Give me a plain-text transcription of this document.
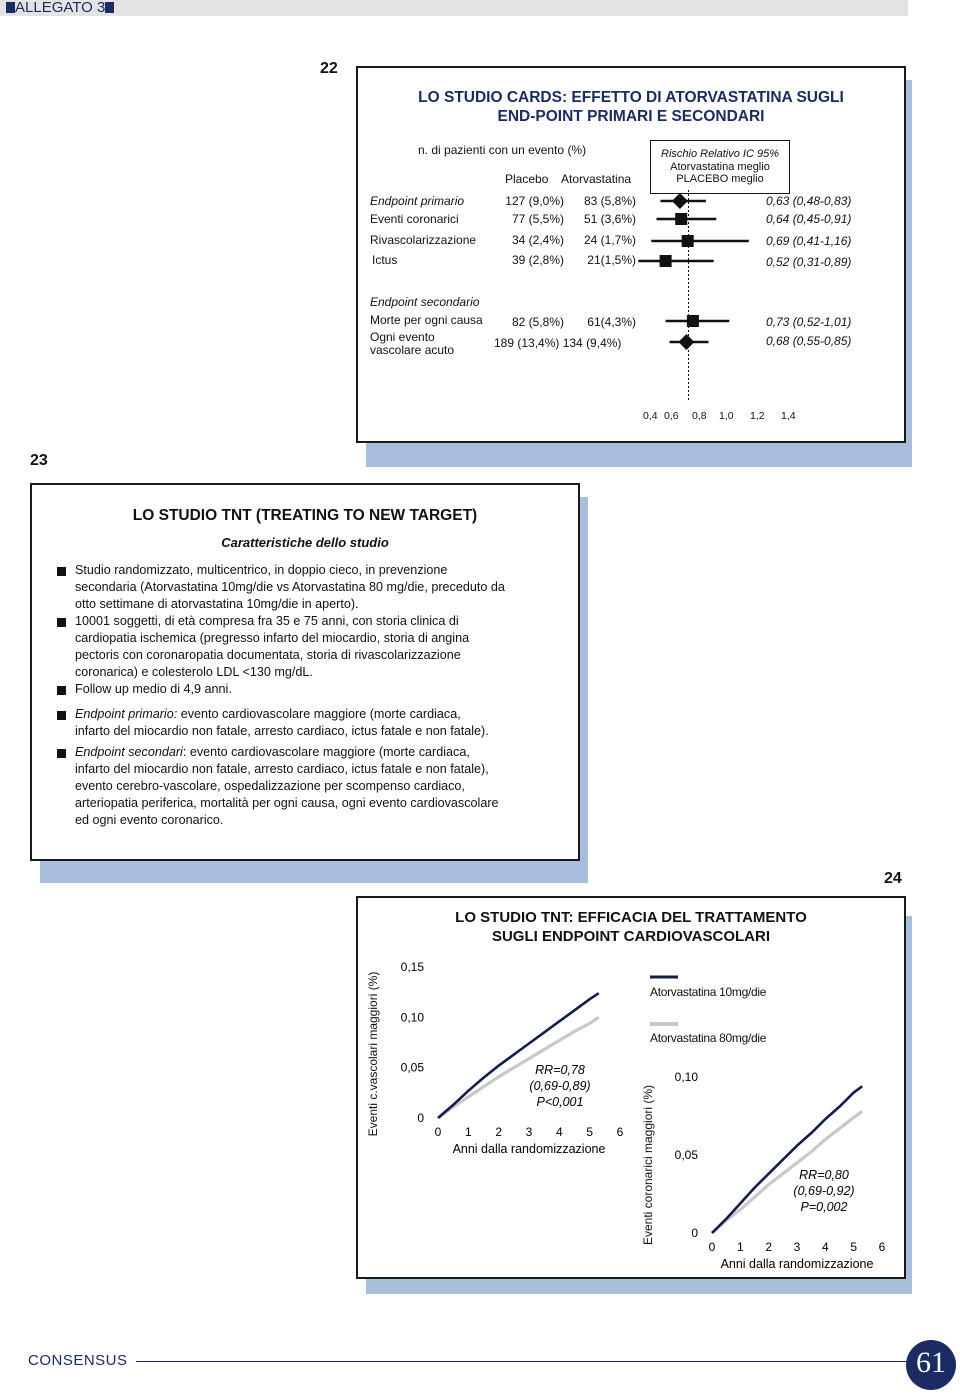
ALLEGATO 3
22
LO STUDIO CARDS: EFFETTO DI ATORVASTATINA SUGLI
END-POINT PRIMARI E SECONDARI
n. di pazienti con un evento (%)
Placebo Atorvastatina
Rischio Relativo IC 95%
Atorvastatina meglio
PLACEBO meglio
Endpoint primario	127 (9,0%)	83 (5,8%)	0,63 (0,48-0,83)
Eventi coronarici	77 (5,5%)	51 (3,6%)	0,64 (0,45-0,91)
Rivascolarizzazione	34 (2,4%)	24 (1,7%)	0,69 (0,41-1,16)
Ictus	39 (2,8%)	21(1,5%)	0,52 (0,31-0,89)
Endpoint secondario
Morte per ogni causa	82 (5,8%)	61(4,3%)	0,73 (0,52-1,01)
Ogni evento
vascolare acuto	189 (13,4%) 134 (9,4%)	0,68 (0,55-0,85)
0,4 0,6 0,8 1,0 1,2 1,4
23
LO STUDIO TNT (TREATING TO NEW TARGET)
Caratteristiche dello studio
Studio randomizzato, multicentrico, in doppio cieco, in prevenzione
secondaria (Atorvastatina 10mg/die vs Atorvastatina 80 mg/die, preceduto da
otto settimane di atorvastatina 10mg/die in aperto).
10001 soggetti, di età compresa fra 35 e 75 anni, con storia clinica di
cardiopatia ischemica (pregresso infarto del miocardio, storia di angina
pectoris con coronaropatia documentata, storia di rivascolarizzazione
coronarica) e colesterolo LDL <130 mg/dL.
Follow up medio di 4,9 anni.
Endpoint primario: evento cardiovascolare maggiore (morte cardiaca,
infarto del miocardio non fatale, arresto cardiaco, ictus fatale e non fatale).
Endpoint secondari: evento cardiovascolare maggiore (morte cardiaca,
infarto del miocardio non fatale, arresto cardiaco, ictus fatale e non fatale),
evento cerebro-vascolare, ospedalizzazione per scompenso cardiaco,
arteriopatia periferica, mortalità per ogni causa, ogni evento cardiovascolare
ed ogni evento coronarico.
24
LO STUDIO TNT: EFFICACIA DEL TRATTAMENTO
SUGLI ENDPOINT CARDIOVASCOLARI
Eventi c.vascolari maggiori (%)	0
0,05
0,10
0,15
0 1 2 3 4 5 6
Anni dalla randomizzazione
RR=0,78
(0,69-0,89)
P<0,001
Atorvastatina 10mg/die
Atorvastatina 80mg/die
Eventi coronarici maggiori (%)	0
0,05
0,10
0 1 2 3 4 5 6
Anni dalla randomizzazione
RR=0,80
(0,69-0,92)
P=0,002
CONSENSUS	61
